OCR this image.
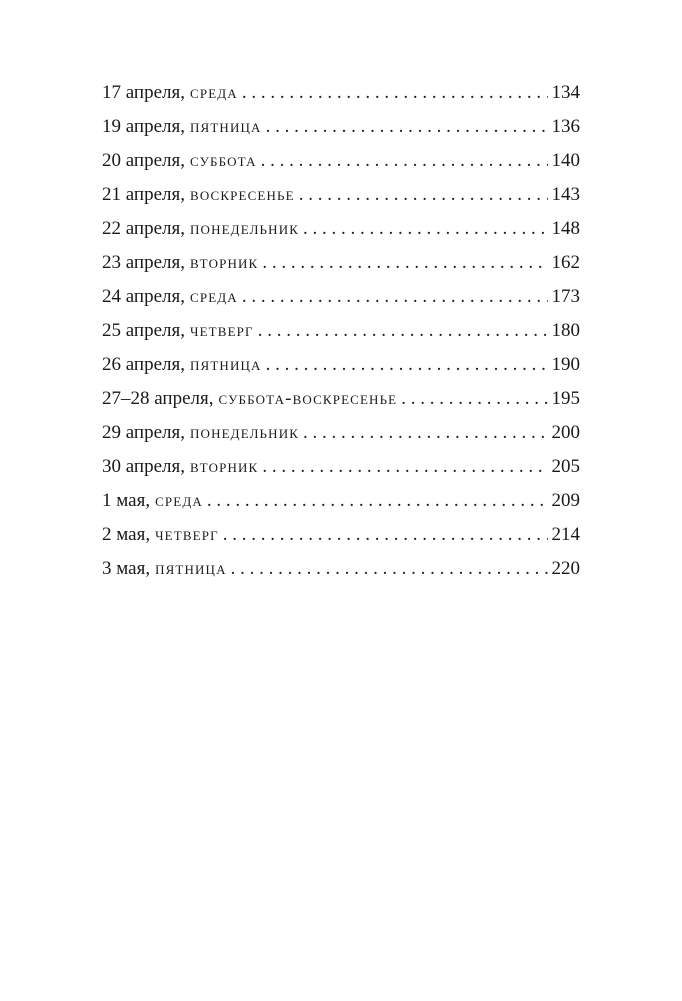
17 апреля, среда . . .	134
19 апреля, пятница . . .	136
20 апреля, суббота . . .	140
21 апреля, воскресенье . . .	143
22 апреля, понедельник . . .	148
23 апреля, вторник . . .	162
24 апреля, среда . . .	173
25 апреля, четверг . . .	180
26 апреля, пятница . . .	190
27–28 апреля, суббота-воскресенье . . .	195
29 апреля, понедельник . . .	200
30 апреля, вторник . . .	205
1 мая, среда . . .	209
2 мая, четверг . . .	214
3 мая, пятница . . .	220
